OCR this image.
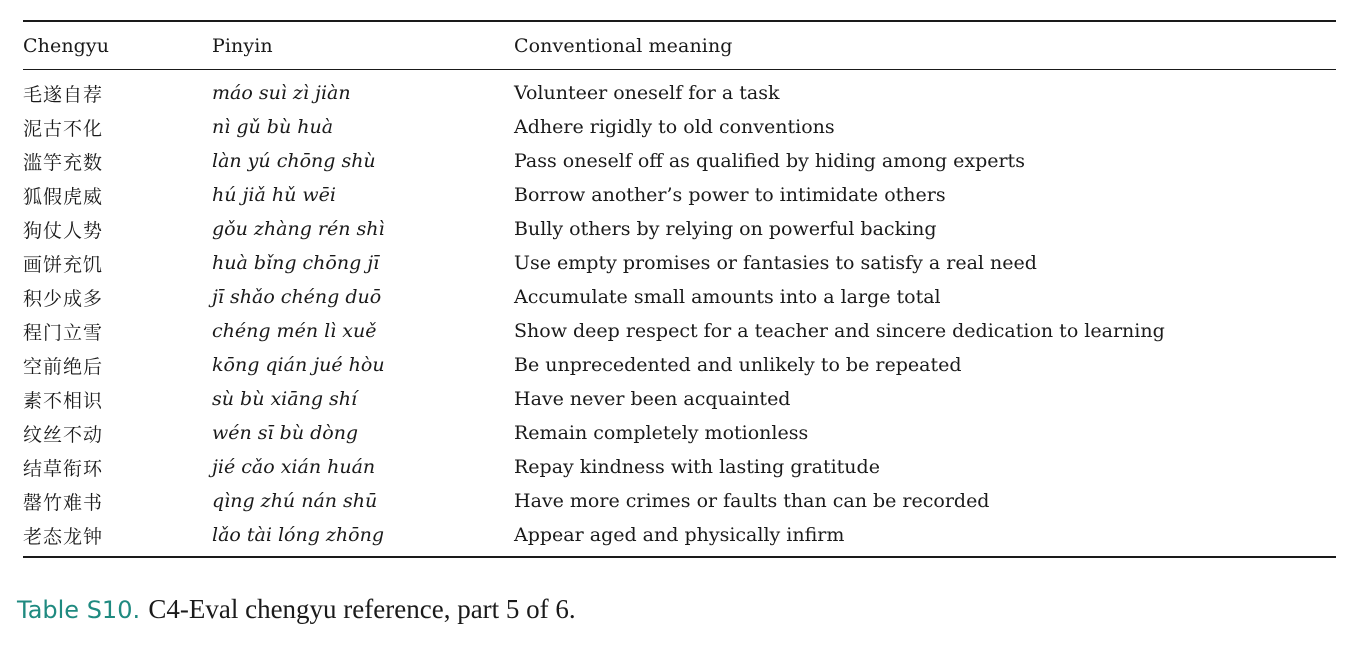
Chengyu	Pinyin	Conventional meaning
毛遂自荐	máo suì zì jiàn	Volunteer oneself for a task
泥古不化	nì gǔ bù huà	Adhere rigidly to old conventions
滥竽充数	làn yú chōng shù	Pass oneself off as qualified by hiding among experts
狐假虎威	hú jiǎ hǔ wēi	Borrow another’s power to intimidate others
狗仗人势	gǒu zhàng rén shì	Bully others by relying on powerful backing
画饼充饥	huà bǐng chōng jī	Use empty promises or fantasies to satisfy a real need
积少成多	jī shǎo chéng duō	Accumulate small amounts into a large total
程门立雪	chéng mén lì xuě	Show deep respect for a teacher and sincere dedication to learning
空前绝后	kōng qián jué hòu	Be unprecedented and unlikely to be repeated
素不相识	sù bù xiāng shí	Have never been acquainted
纹丝不动	wén sī bù dòng	Remain completely motionless
结草衔环	jié cǎo xián huán	Repay kindness with lasting gratitude
罄竹难书	qìng zhú nán shū	Have more crimes or faults than can be recorded
老态龙钟	lǎo tài lóng zhōng	Appear aged and physically infirm
Table S10. C4-Eval chengyu reference, part 5 of 6.
